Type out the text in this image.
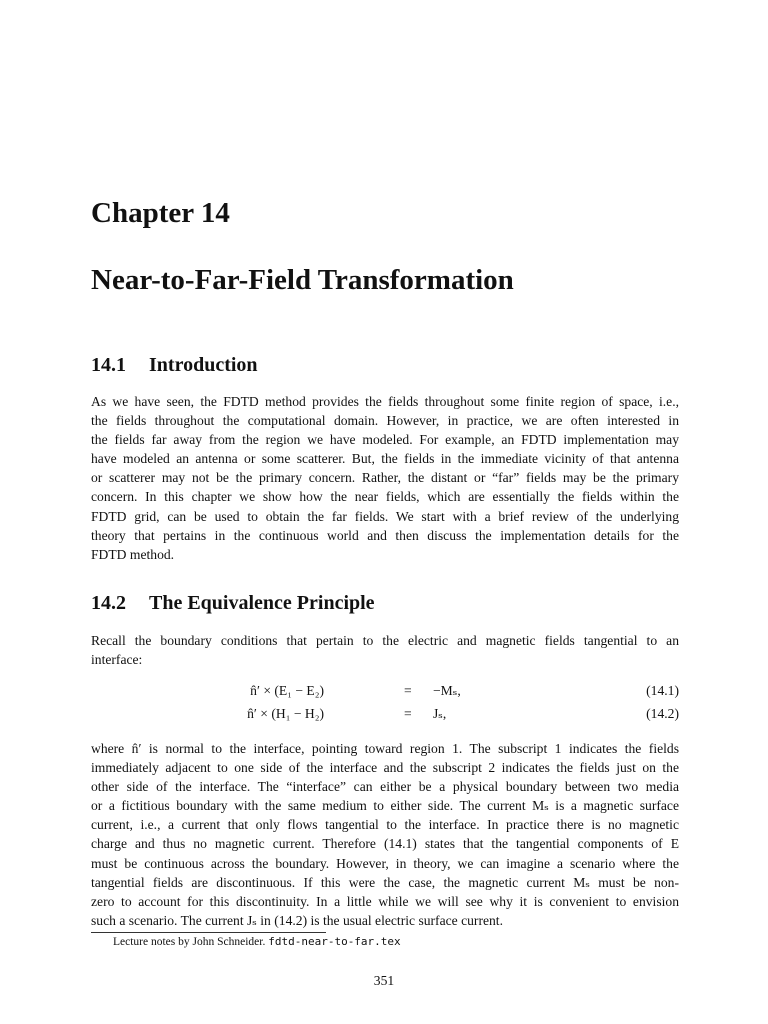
Chapter 14
Near-to-Far-Field Transformation
14.1 Introduction
As we have seen, the FDTD method provides the fields throughout some finite region of space, i.e.,
the fields throughout the computational domain. However, in practice, we are often interested in
the fields far away from the region we have modeled. For example, an FDTD implementation may
have modeled an antenna or some scatterer. But, the fields in the immediate vicinity of that antenna
or scatterer may not be the primary concern. Rather, the distant or “far” fields may be the primary
concern. In this chapter we show how the near fields, which are essentially the fields within the
FDTD grid, can be used to obtain the far fields. We start with a brief review of the underlying
theory that pertains in the continuous world and then discuss the implementation details for the
FDTD method.
14.2 The Equivalence Principle
Recall the boundary conditions that pertain to the electric and magnetic fields tangential to an
interface:
n̂′ × (E₁ − E₂)	= −Mₛ,	(14.1)
n̂′ × (H₁ − H₂)	= Jₛ,	(14.2)
where n̂′ is normal to the interface, pointing toward region 1. The subscript 1 indicates the fields
immediately adjacent to one side of the interface and the subscript 2 indicates the fields just on the
other side of the interface. The “interface” can either be a physical boundary between two media
or a fictitious boundary with the same medium to either side. The current Mₛ is a magnetic surface
current, i.e., a current that only flows tangential to the interface. In practice there is no magnetic
charge and thus no magnetic current. Therefore (14.1) states that the tangential components of E
must be continuous across the boundary. However, in theory, we can imagine a scenario where the
tangential fields are discontinuous. If this were the case, the magnetic current Mₛ must be non-
zero to account for this discontinuity. In a little while we will see why it is convenient to envision
such a scenario. The current Jₛ in (14.2) is the usual electric surface current.
Lecture notes by John Schneider. fdtd-near-to-far.tex
351
